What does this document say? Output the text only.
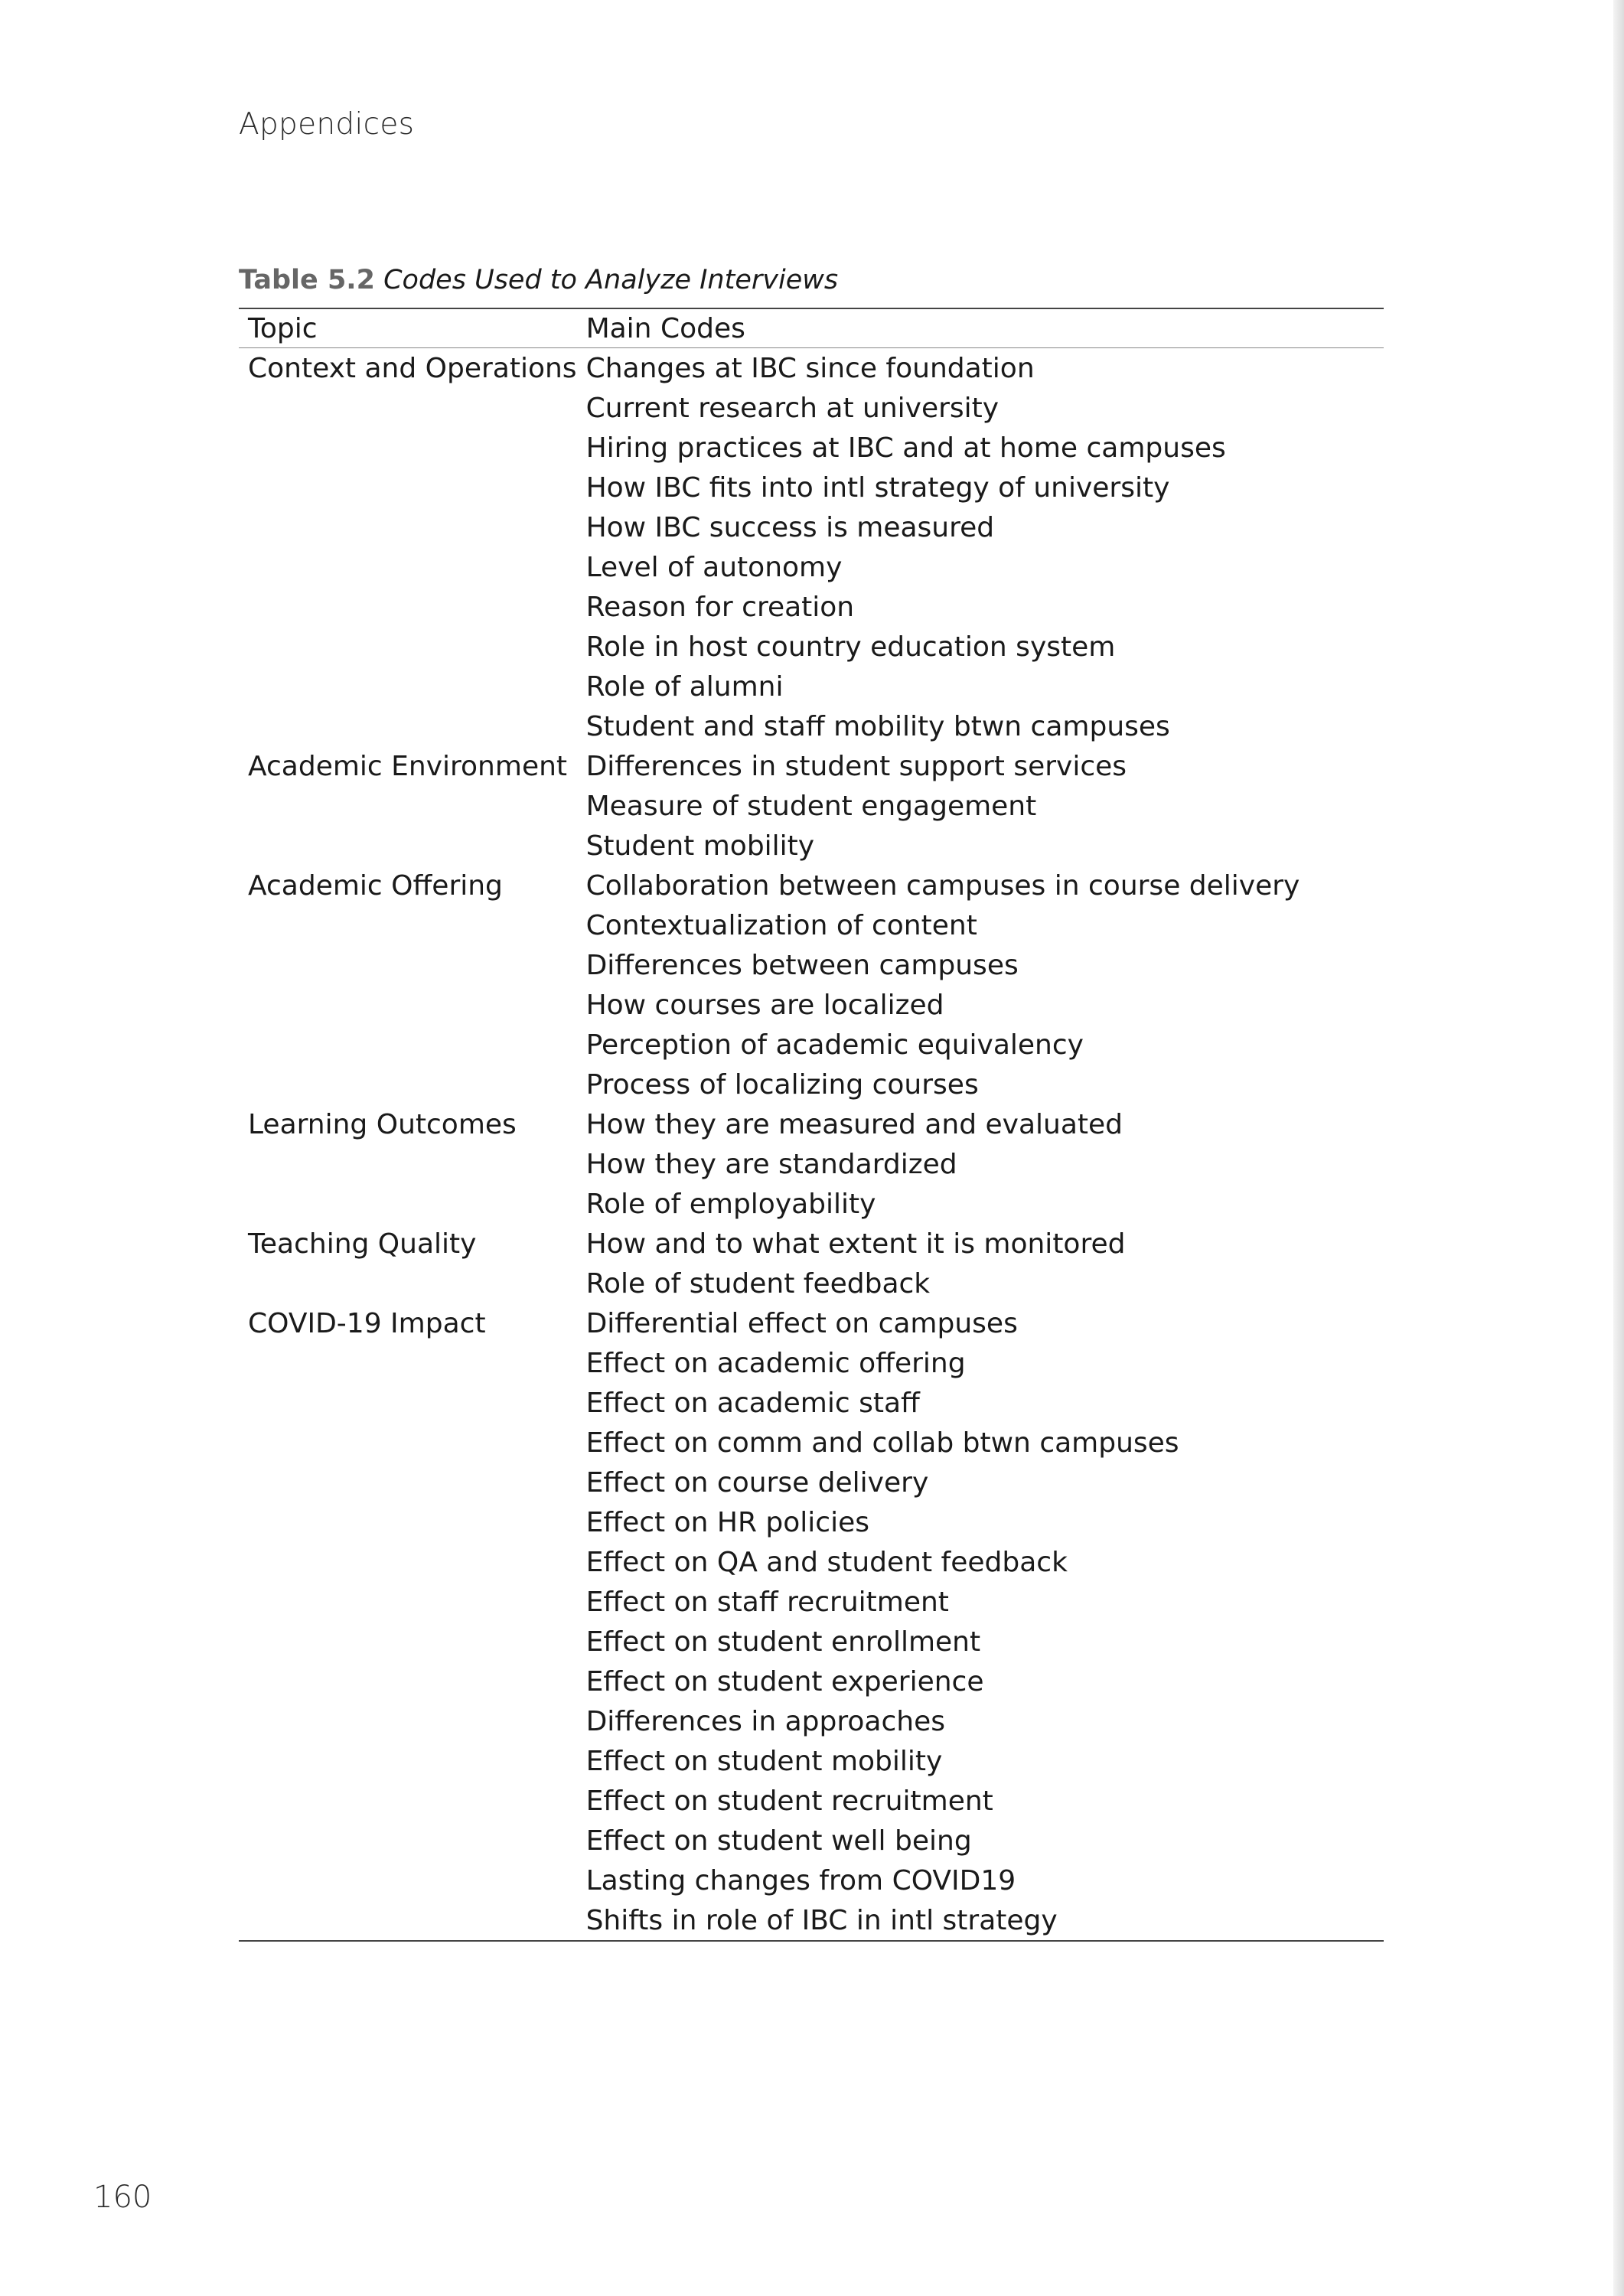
Appendices
Table 5.2 Codes Used to Analyze Interviews
Topic	Main Codes
Context and Operations	Changes at IBC since foundation
	Current research at university
	Hiring practices at IBC and at home campuses
	How IBC fits into intl strategy of university
	How IBC success is measured
	Level of autonomy
	Reason for creation
	Role in host country education system
	Role of alumni
	Student and staff mobility btwn campuses
Academic Environment	Differences in student support services
	Measure of student engagement
	Student mobility
Academic Offering	Collaboration between campuses in course delivery
	Contextualization of content
	Differences between campuses
	How courses are localized
	Perception of academic equivalency
	Process of localizing courses
Learning Outcomes	How they are measured and evaluated
	How they are standardized
	Role of employability
Teaching Quality	How and to what extent it is monitored
	Role of student feedback
COVID-19 Impact	Differential effect on campuses
	Effect on academic offering
	Effect on academic staff
	Effect on comm and collab btwn campuses
	Effect on course delivery
	Effect on HR policies
	Effect on QA and student feedback
	Effect on staff recruitment
	Effect on student enrollment
	Effect on student experience
	Differences in approaches
	Effect on student mobility
	Effect on student recruitment
	Effect on student well being
	Lasting changes from COVID19
	Shifts in role of IBC in intl strategy
160
